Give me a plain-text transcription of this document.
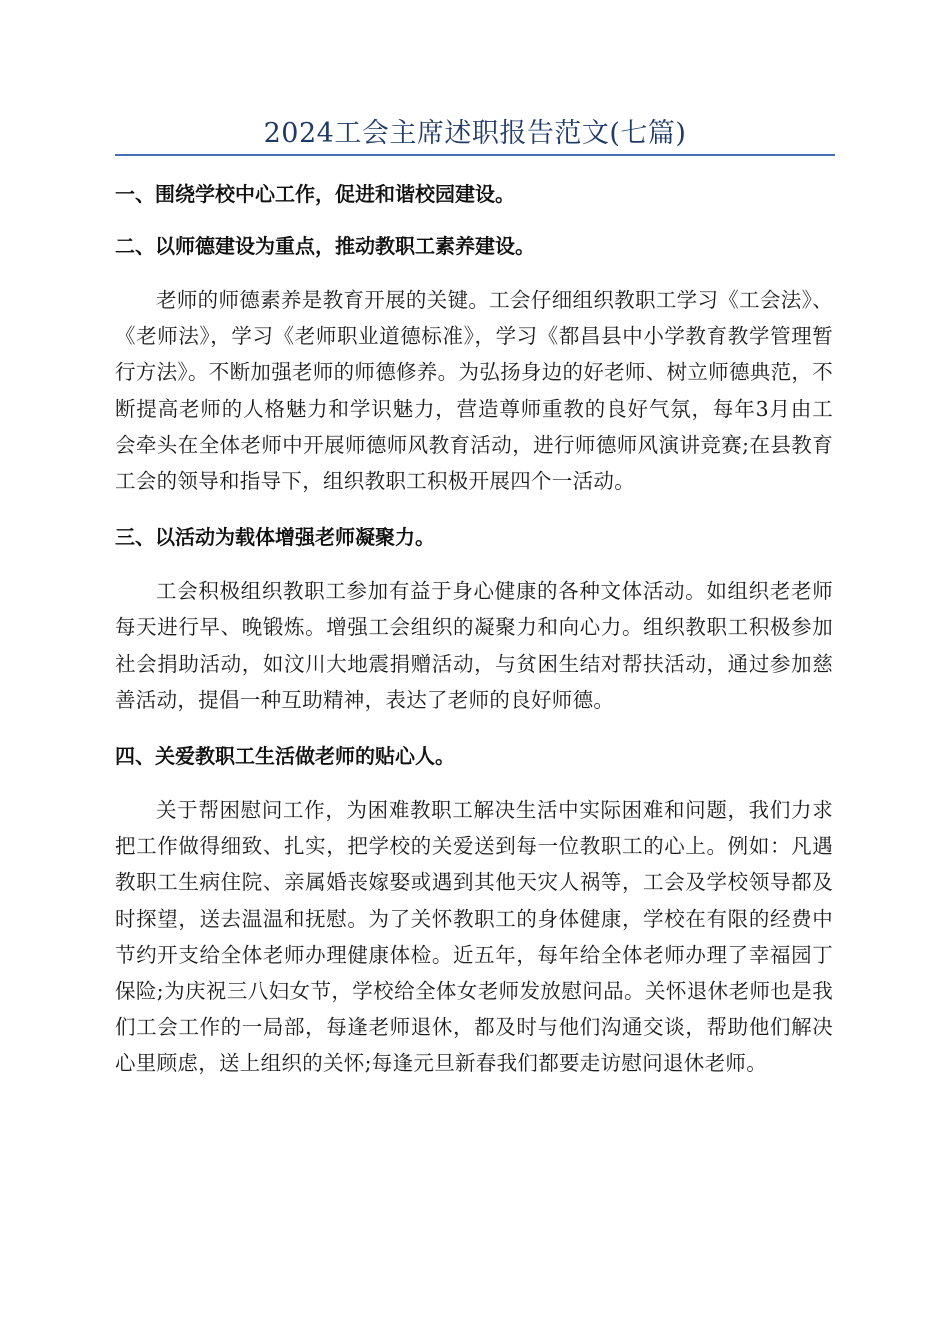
2024工会主席述职报告范文(七篇)
一、围绕学校中心工作，促进和谐校园建设。
二、以师德建设为重点，推动教职工素养建设。

老师的师德素养是教育开展的关键。工会仔细组织教职工学习《工会法》、《老师法》，学习《老师职业道德标准》，学习《都昌县中小学教育教学管理暂行方法》。不断加强老师的师德修养。为弘扬身边的好老师、树立师德典范，不断提高老师的人格魅力和学识魅力，营造尊师重教的良好气氛，每年3月由工会牵头在全体老师中开展师德师风教育活动，进行师德师风演讲竞赛;在县教育工会的领导和指导下，组织教职工积极开展四个一活动。

三、以活动为载体增强老师凝聚力。

工会积极组织教职工参加有益于身心健康的各种文体活动。如组织老老师每天进行早、晚锻炼。增强工会组织的凝聚力和向心力。组织教职工积极参加社会捐助活动，如汶川大地震捐赠活动，与贫困生结对帮扶活动，通过参加慈善活动，提倡一种互助精神，表达了老师的良好师德。

四、关爱教职工生活做老师的贴心人。

关于帮困慰问工作，为困难教职工解决生活中实际困难和问题，我们力求把工作做得细致、扎实，把学校的关爱送到每一位教职工的心上。例如：凡遇教职工生病住院、亲属婚丧嫁娶或遇到其他天灾人祸等，工会及学校领导都及时探望，送去温温和抚慰。为了关怀教职工的身体健康，学校在有限的经费中节约开支给全体老师办理健康体检。近五年，每年给全体老师办理了幸福园丁保险;为庆祝三八妇女节，学校给全体女老师发放慰问品。关怀退休老师也是我们工会工作的一局部，每逢老师退休，都及时与他们沟通交谈，帮助他们解决心里顾虑，送上组织的关怀;每逢元旦新春我们都要走访慰问退休老师。
